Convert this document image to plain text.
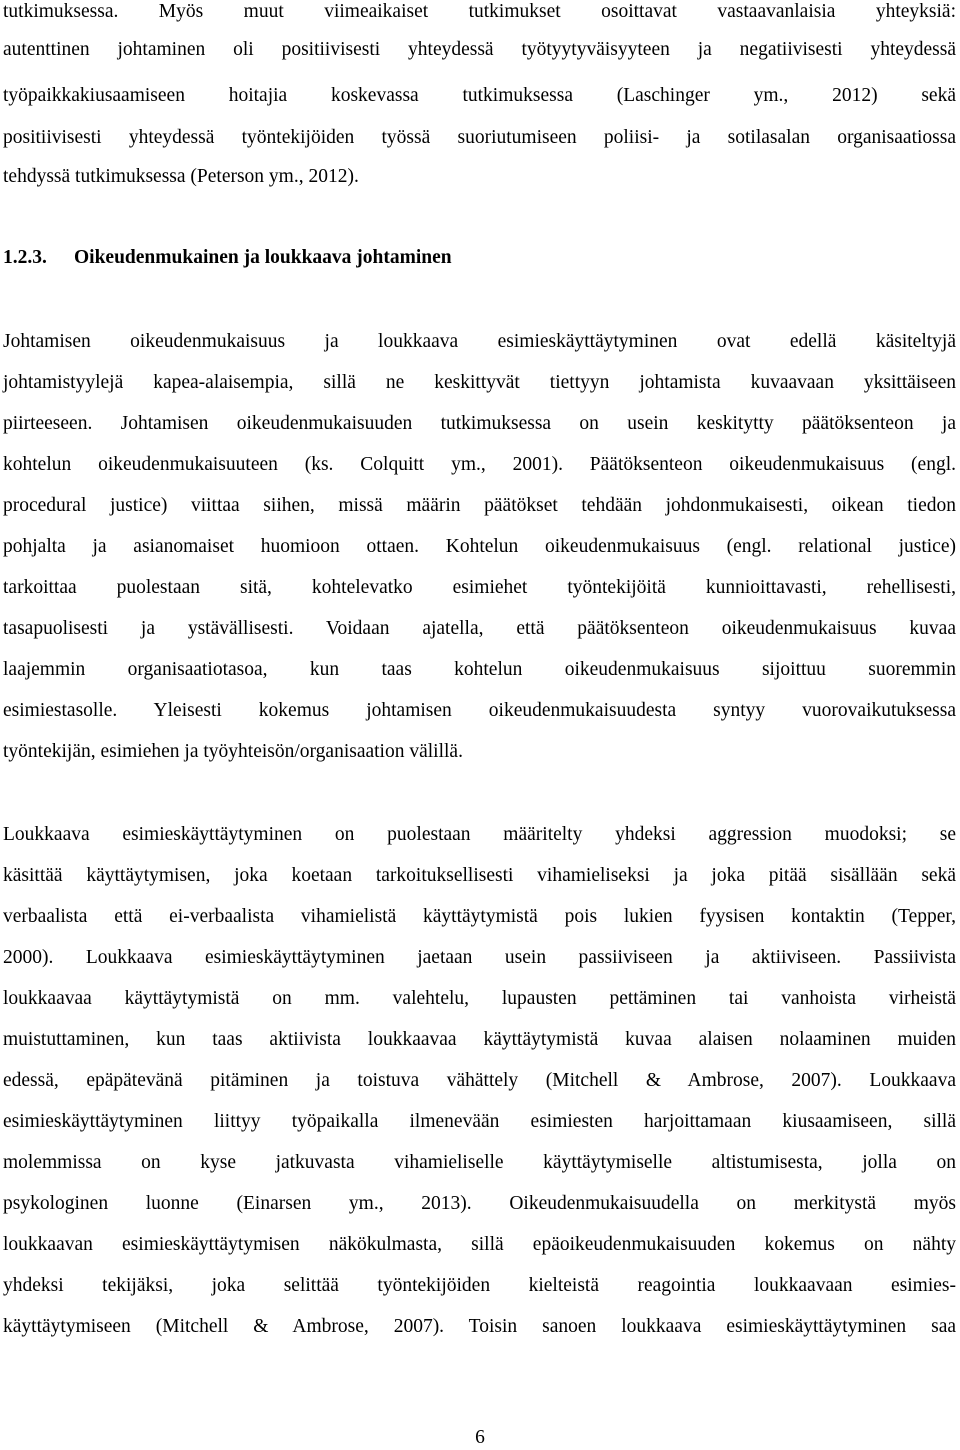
tutkimuksessa. Myös muut viimeaikaiset tutkimukset osoittavat vastaavanlaisia yhteyksiä:
autenttinen johtaminen oli positiivisesti yhteydessä työtyytyväisyyteen ja negatiivisesti yhteydessä
työpaikkakiusaamiseen hoitajia koskevassa tutkimuksessa (Laschinger ym., 2012) sekä
positiivisesti yhteydessä työntekijöiden työssä suoriutumiseen poliisi- ja sotilasalan organisaatiossa
tehdyssä tutkimuksessa (Peterson ym., 2012).
1.2.3. Oikeudenmukainen ja loukkaava johtaminen
Johtamisen oikeudenmukaisuus ja loukkaava esimieskäyttäytyminen ovat edellä käsiteltyjä
johtamistyylejä kapea-alaisempia, sillä ne keskittyvät tiettyyn johtamista kuvaavaan yksittäiseen
piirteeseen. Johtamisen oikeudenmukaisuuden tutkimuksessa on usein keskitytty päätöksenteon ja
kohtelun oikeudenmukaisuuteen (ks. Colquitt ym., 2001). Päätöksenteon oikeudenmukaisuus (engl.
procedural justice) viittaa siihen, missä määrin päätökset tehdään johdonmukaisesti, oikean tiedon
pohjalta ja asianomaiset huomioon ottaen. Kohtelun oikeudenmukaisuus (engl. relational justice)
tarkoittaa puolestaan sitä, kohtelevatko esimiehet työntekijöitä kunnioittavasti, rehellisesti,
tasapuolisesti ja ystävällisesti. Voidaan ajatella, että päätöksenteon oikeudenmukaisuus kuvaa
laajemmin organisaatiotasoa, kun taas kohtelun oikeudenmukaisuus sijoittuu suoremmin
esimiestasolle. Yleisesti kokemus johtamisen oikeudenmukaisuudesta syntyy vuorovaikutuksessa
työntekijän, esimiehen ja työyhteisön/organisaation välillä.
Loukkaava esimieskäyttäytyminen on puolestaan määritelty yhdeksi aggression muodoksi; se
käsittää käyttäytymisen, joka koetaan tarkoituksellisesti vihamieliseksi ja joka pitää sisällään sekä
verbaalista että ei-verbaalista vihamielistä käyttäytymistä pois lukien fyysisen kontaktin (Tepper,
2000). Loukkaava esimieskäyttäytyminen jaetaan usein passiiviseen ja aktiiviseen. Passiivista
loukkaavaa käyttäytymistä on mm. valehtelu, lupausten pettäminen tai vanhoista virheistä
muistuttaminen, kun taas aktiivista loukkaavaa käyttäytymistä kuvaa alaisen nolaaminen muiden
edessä, epäpätevänä pitäminen ja toistuva vähättely (Mitchell & Ambrose, 2007). Loukkaava
esimieskäyttäytyminen liittyy työpaikalla ilmenevään esimiesten harjoittamaan kiusaamiseen, sillä
molemmissa on kyse jatkuvasta vihamieliselle käyttäytymiselle altistumisesta, jolla on
psykologinen luonne (Einarsen ym., 2013). Oikeudenmukaisuudella on merkitystä myös
loukkaavan esimieskäyttäytymisen näkökulmasta, sillä epäoikeudenmukaisuuden kokemus on nähty
yhdeksi tekijäksi, joka selittää työntekijöiden kielteistä reagointia loukkaavaan esimies-
käyttäytymiseen (Mitchell & Ambrose, 2007). Toisin sanoen loukkaava esimieskäyttäytyminen saa
6
